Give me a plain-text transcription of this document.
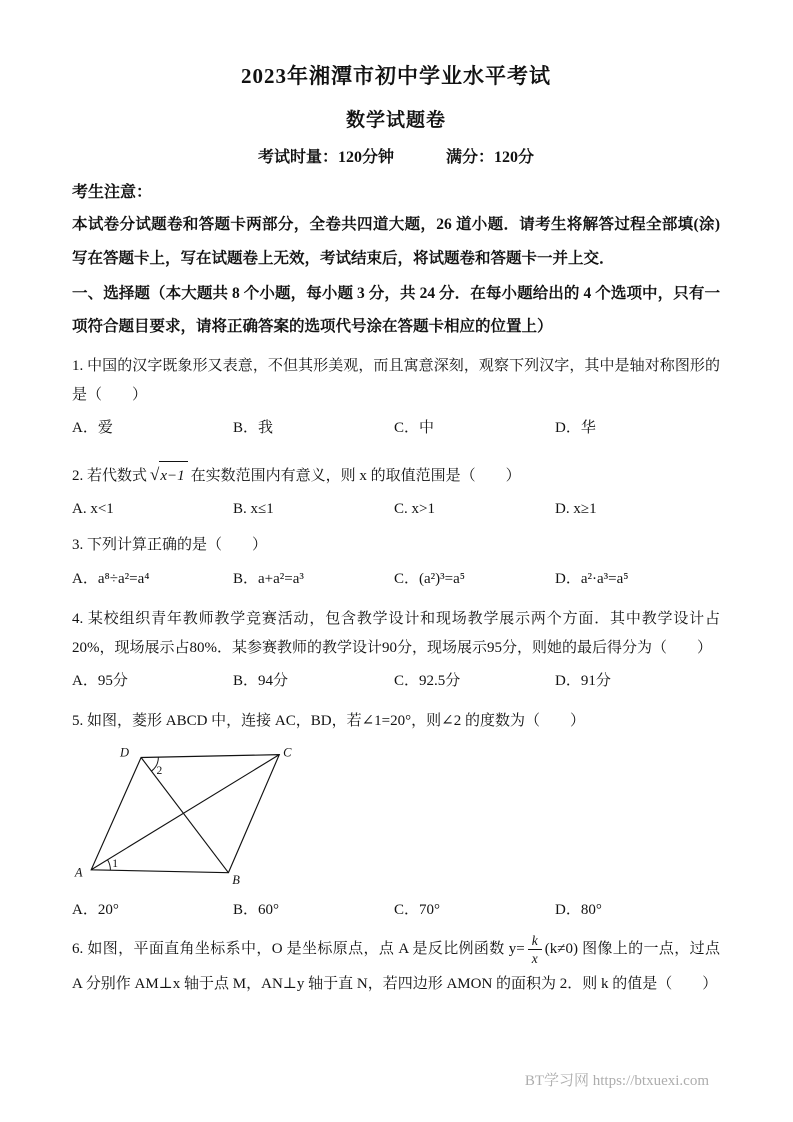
2023年湘潭市初中学业水平考试
数学试题卷
考试时量：120分钟	满分：120分

考生注意：

本试卷分试题卷和答题卡两部分，全卷共四道大题，26 道小题．请考生将解答过程全部填(涂)写在答题卡上，写在试题卷上无效，考试结束后，将试题卷和答题卡一并上交．

一、选择题（本大题共 8 个小题，每小题 3 分，共 24 分．在每小题给出的 4 个选项中，只有一项符合题目要求，请将正确答案的选项代号涂在答题卡相应的位置上）

1. 中国的汉字既象形又表意，不但其形美观，而且寓意深刻，观察下列汉字，其中是轴对称图形的是（　　）

A．爱	B．我	C．中	D．华

2. 若代数式 √x−1 在实数范围内有意义，则 x 的取值范围是（　　）

A. x<1	B. x≤1	C. x>1	D. x≥1

3. 下列计算正确的是（　　）

A．a⁸÷a²=a⁴	B．a+a²=a³	C．(a²)³=a⁵	D．a²·a³=a⁵

4. 某校组织青年教师教学竞赛活动，包含教学设计和现场教学展示两个方面．其中教学设计占20%，现场展示占80%．某参赛教师的教学设计90分，现场展示95分，则她的最后得分为（　　）

A．95分	B．94分	C．92.5分	D．91分

5. 如图，菱形 ABCD 中，连接 AC，BD，若∠1=20°，则∠2 的度数为（　　）

D	C
A
B
2
1
A．20°	B．60°	C．70°	D．80°

6. 如图，平面直角坐标系中，O 是坐标原点，点 A 是反比例函数 $y= \frac{k}{x} (k\ne 0)$ 图像上的一点，过点 A 分别作 AM⊥x 轴于点 M，AN⊥y 轴于直 N，若四边形 AMON 的面积为 2．则 k 的值是（　　）

BT学习网 https://btxuexi.com
